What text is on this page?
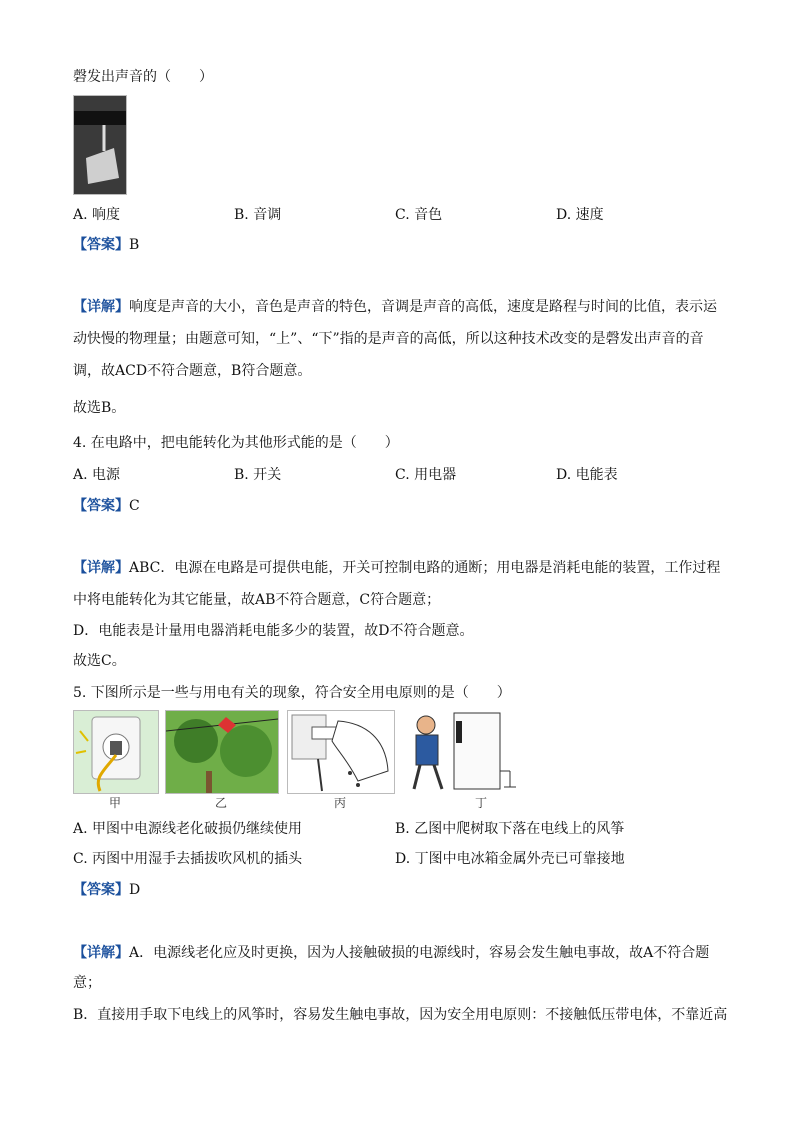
磬发出声音的（　　）
A. 响度	B. 音调	C. 音色	D. 速度
【答案】B
【详解】响度是声音的大小，音色是声音的特色，音调是声音的高低，速度是路程与时间的比值，表示运
动快慢的物理量；由题意可知，“上”、“下”指的是声音的高低，所以这种技术改变的是磬发出声音的音
调，故ACD不符合题意，B符合题意。
故选B。
4. 在电路中，把电能转化为其他形式能的是（　　）
A. 电源	B. 开关	C. 用电器	D. 电能表
【答案】C
【详解】ABC．电源在电路是可提供电能，开关可控制电路的通断；用电器是消耗电能的装置，工作过程
中将电能转化为其它能量，故AB不符合题意，C符合题意；
D．电能表是计量用电器消耗电能多少的装置，故D不符合题意。
故选C。
5. 下图所示是一些与用电有关的现象，符合安全用电原则的是（　　）
甲	乙	丙	丁
A. 甲图中电源线老化破损仍继续使用	B. 乙图中爬树取下落在电线上的风筝
C. 丙图中用湿手去插拔吹风机的插头	D. 丁图中电冰箱金属外壳已可靠接地
【答案】D
【详解】A．电源线老化应及时更换，因为人接触破损的电源线时，容易会发生触电事故，故A不符合题
意；
B．直接用手取下电线上的风筝时，容易发生触电事故，因为安全用电原则：不接触低压带电体，不靠近高
